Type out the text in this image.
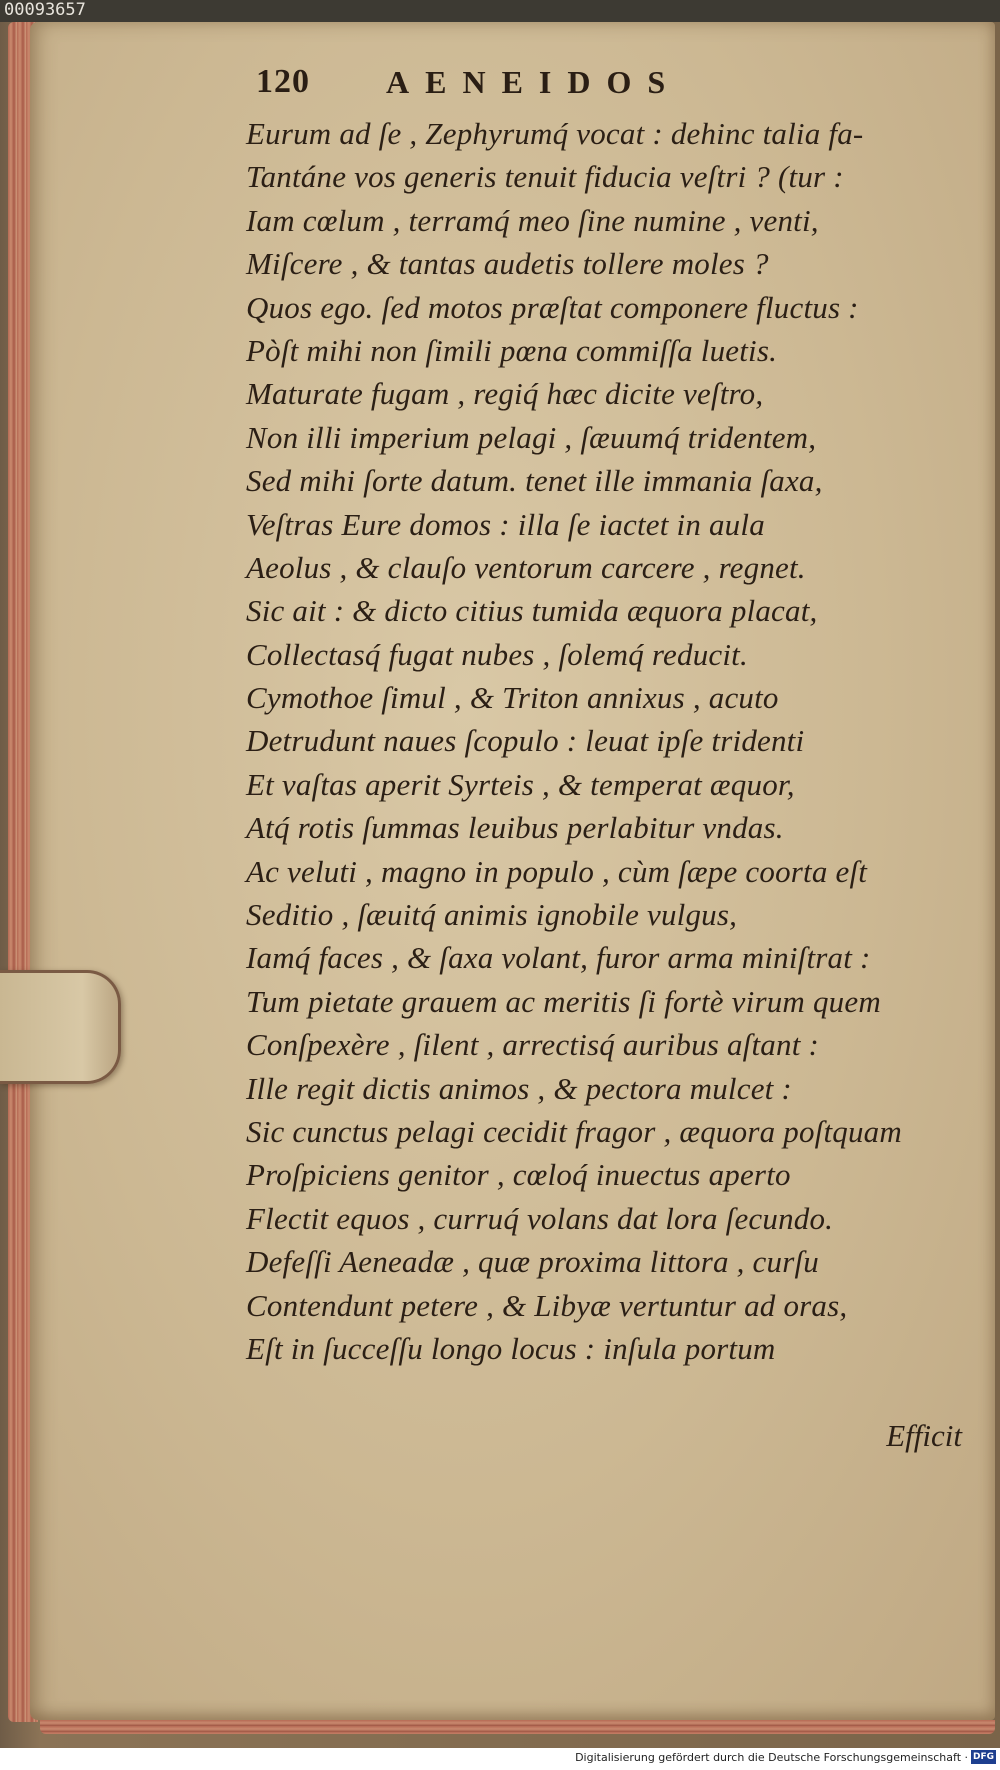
00093657
120	AENEIDOS
Eurum ad ſe , Zephyrumq́ vocat : dehinc talia fa-
Tantáne vos generis tenuit fiducia veſtri ? (tur :
Iam cœlum , terramq́ meo ſine numine , venti,
Miſcere , & tantas audetis tollere moles ?
Quos ego. ſed motos præſtat componere fluctus :
Pòſt mihi non ſimili pœna commiſſa luetis.
Maturate fugam , regiq́ hæc dicite veſtro,
Non illi imperium pelagi , ſæuumq́ tridentem,
Sed mihi ſorte datum. tenet ille immania ſaxa,
Veſtras Eure domos : illa ſe iactet in aula
Aeolus , & clauſo ventorum carcere , regnet.
Sic ait : & dicto citius tumida æquora placat,
Collectasq́ fugat nubes , ſolemq́ reducit.
Cymothoe ſimul , & Triton annixus , acuto
Detrudunt naues ſcopulo : leuat ipſe tridenti
Et vaſtas aperit Syrteis , & temperat æquor,
Atq́ rotis ſummas leuibus perlabitur vndas.
Ac veluti , magno in populo , cùm ſæpe coorta eſt
Seditio , ſæuitq́ animis ignobile vulgus,
Iamq́ faces , & ſaxa volant, furor arma miniſtrat :
Tum pietate grauem ac meritis ſi fortè virum quem
Conſpexère , ſilent , arrectisq́ auribus aſtant :
Ille regit dictis animos , & pectora mulcet :
Sic cunctus pelagi cecidit fragor , æquora poſtquam
Proſpiciens genitor , cœloq́ inuectus aperto
Flectit equos , curruq́ volans dat lora ſecundo.
Defeſſi Aeneadæ , quæ proxima littora , curſu
Contendunt petere , & Libyæ vertuntur ad oras,
Eſt in ſucceſſu longo locus : inſula portum
Efficit
Digitalisierung gefördert durch die Deutsche Forschungsgemeinschaft · DFG
